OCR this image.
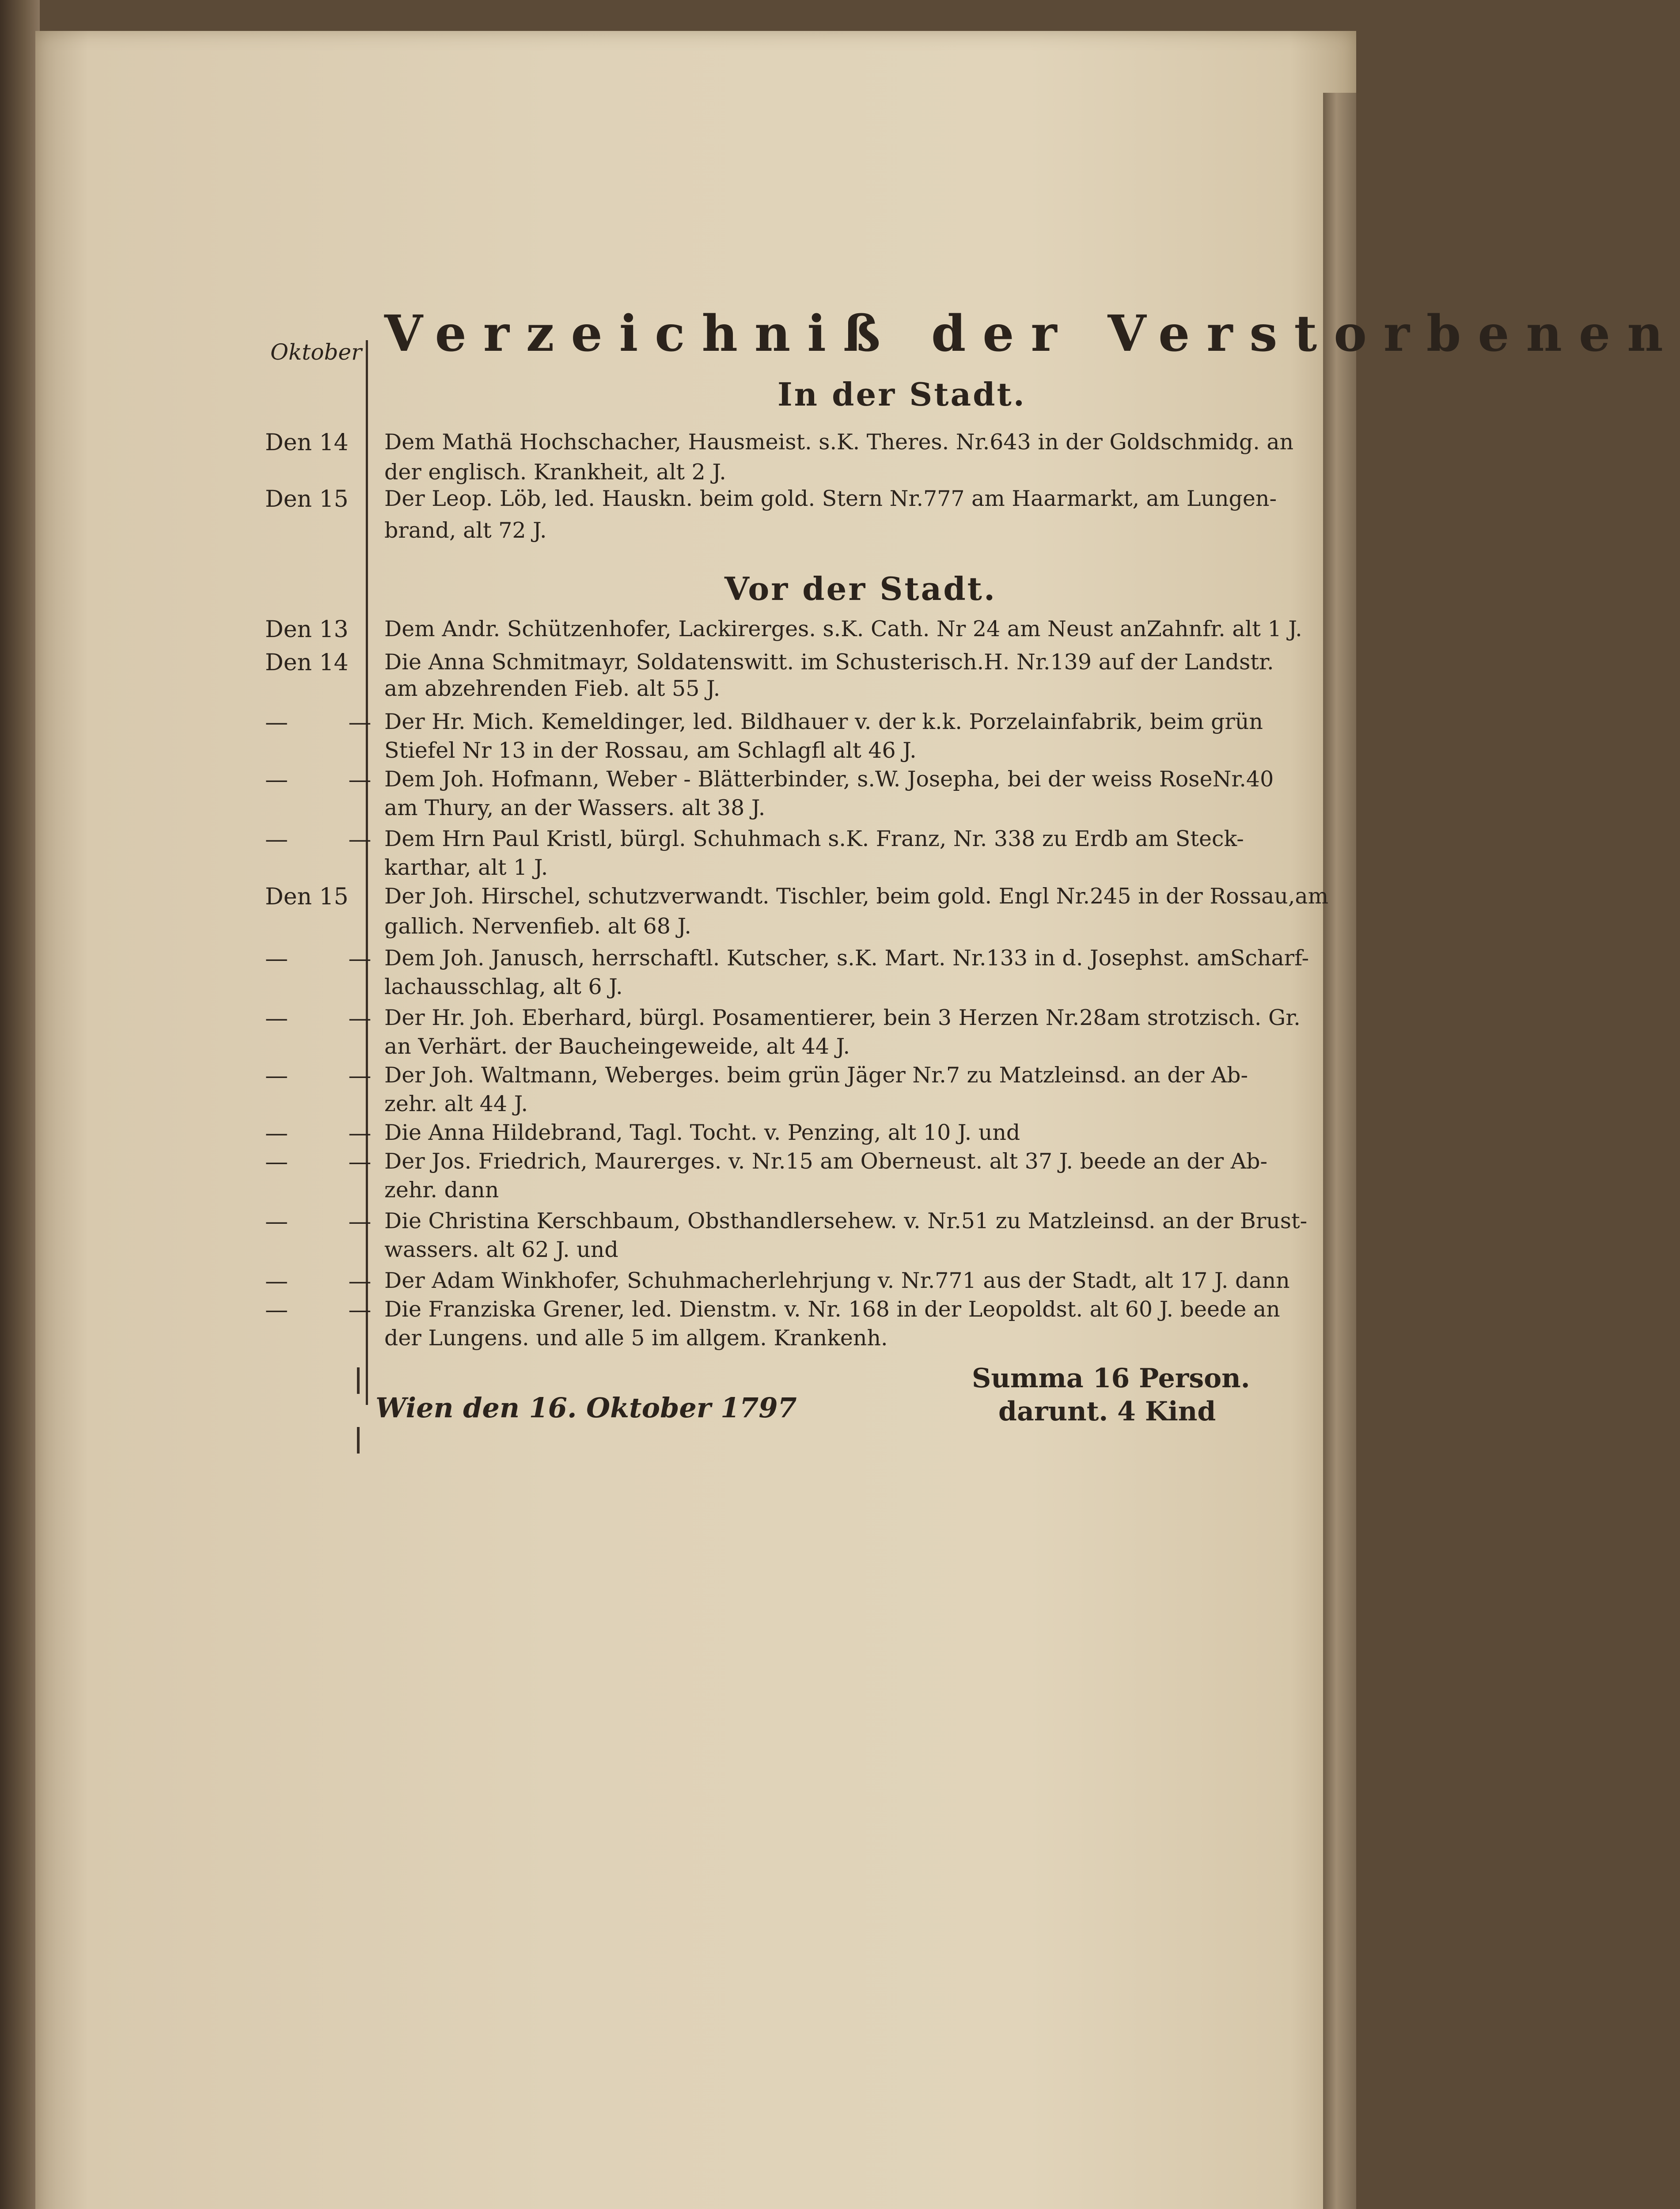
Oktober Verzeichniß der Verstorbenen
In der Stadt.
Den 14 Dem Mathä Hochschacher, Hausmeist. s.K. Theres. Nr.643 in der Goldschmidg. an
der englisch. Krankheit, alt 2 J.
Den 15 Der Leop. Löb, led. Hauskn. beim gold. Stern Nr.777 am Haarmarkt, am Lungen-
brand, alt 72 J.
Vor der Stadt.
Den 13 Dem Andr. Schützenhofer, Lackirerges. s.K. Cath. Nr 24 am Neust anZahnfr. alt 1 J.
Den 14 Die Anna Schmitmayr, Soldatenswitt. im Schusterisch.H. Nr.139 auf der Landstr.
am abzehrenden Fieb. alt 55 J.
— —
Der Hr. Mich. Kemeldinger, led. Bildhauer v. der k.k. Porzelainfabrik, beim grün
Stiefel Nr 13 in der Rossau, am Schlagfl alt 46 J.
— —
Dem Joh. Hofmann, Weber - Blätterbinder, s.W. Josepha, bei der weiss RoseNr.40
am Thury, an der Wassers. alt 38 J.
— —
Dem Hrn Paul Kristl, bürgl. Schuhmach s.K. Franz, Nr. 338 zu Erdb am Steck-
karthar, alt 1 J.
Den 15 Der Joh. Hirschel, schutzverwandt. Tischler, beim gold. Engl Nr.245 in der Rossau,am
gallich. Nervenfieb. alt 68 J.
— —
Dem Joh. Janusch, herrschaftl. Kutscher, s.K. Mart. Nr.133 in d. Josephst. amScharf-
lachausschlag, alt 6 J.
— —
Der Hr. Joh. Eberhard, bürgl. Posamentierer, bein 3 Herzen Nr.28am strotzisch. Gr.
an Verhärt. der Baucheingeweide, alt 44 J.
— —
Der Joh. Waltmann, Weberges. beim grün Jäger Nr.7 zu Matzleinsd. an der Ab-
zehr. alt 44 J.
— —
Die Anna Hildebrand, Tagl. Tocht. v. Penzing, alt 10 J. und
— —
Der Jos. Friedrich, Maurerges. v. Nr.15 am Oberneust. alt 37 J. beede an der Ab-
zehr. dann
— —
Die Christina Kerschbaum, Obsthandlersehew. v. Nr.51 zu Matzleinsd. an der Brust-
wassers. alt 62 J. und
— —
Der Adam Winkhofer, Schuhmacherlehrjung v. Nr.771 aus der Stadt, alt 17 J. dann
— —
Die Franziska Grener, led. Dienstm. v. Nr. 168 in der Leopoldst. alt 60 J. beede an
der Lungens. und alle 5 im allgem. Krankenh.
Summa 16 Person.
darunt. 4 Kind
Wien den 16. Oktober 1797
